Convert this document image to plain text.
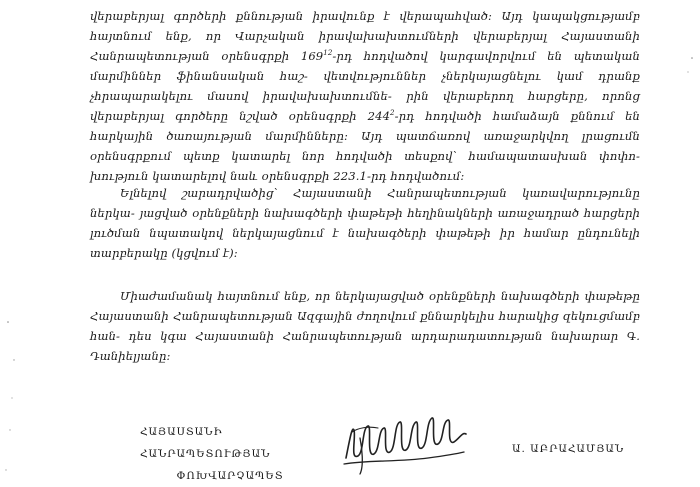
վերաբերյալ գործերի քննության իրավունք է վերապահված: Այդ կապակցությամբ հայտնում ենք, որ Վարչական իրավախախտումների վերաբերյալ Հայաստանի Հանրապետության օրենսգրքի $169^{12}-րդ$ հոդվածով կարգավորվում են պետական մարմիններ ֆինանսական հաշ- վետվություններ չներկայացնելու կամ դրանք չհրապարակելու մասով իրավախախտումնե- րին վերաբերող հարցերը, որոնց վերաբերյալ գործերը նշված օրենսգրքի $244^2-րդ$ հոդվածի համաձայն քննում են հարկային ծառայության մարմինները: Այդ պատճառով առաջարկվող լրացումն օրենսգրքում պետք կատարել նոր հոդվածի տեսքով՝ համապատասխան փոփո- խություն կատարելով նաև օրենսգրքի 223.1-րդ հոդվածում:
Ելնելով շարադրվածից՝ Հայաստանի Հանրապետության կառավարությունը ներկա- յացված օրենքների նախագծերի փաթեթի հեղինակների առաջադրած հարցերի լուծման նպատակով ներկայացնում է նախագծերի փաթեթի իր համար ընդունելի տարբերակը (կցվում է):
Միաժամանակ հայտնում ենք, որ ներկայացված օրենքների նախագծերի փաթեթը Հայաստանի Հանրապետության Ազգային ժողովում քննարկելիս հարակից զեկուցմամբ հան- դես կգա Հայաստանի Հանրապետության արդարադատության նախարար Գ. Դանիելյանը:
ՀԱՅԱՍՏԱՆԻ ՀԱՆՐԱՊԵՏՈՒԹՅԱՆ
ՓՈԽՎԱՐՉԱՊԵՏ
Ա. ԱԲՐԱՀԱՄՅԱՆ
